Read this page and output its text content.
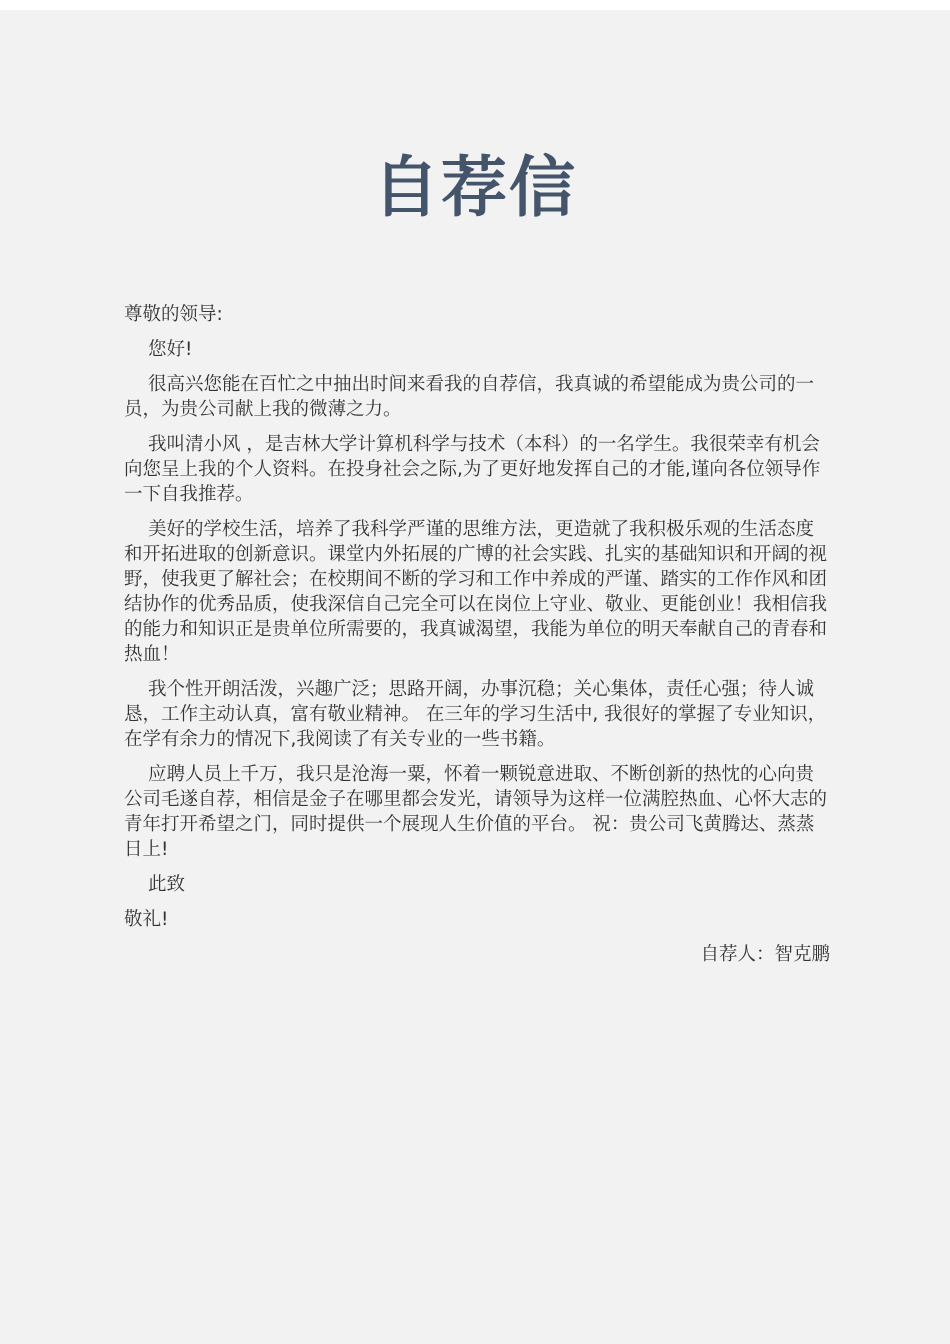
自荐信

尊敬的领导:

您好!

很高兴您能在百忙之中抽出时间来看我的自荐信，我真诚的希望能成为贵公司的一员，为贵公司献上我的微薄之力。

我叫清小风 ，是吉林大学计算机科学与技术（本科）的一名学生。我很荣幸有机会向您呈上我的个人资料。在投身社会之际,为了更好地发挥自己的才能,谨向各位领导作一下自我推荐。

美好的学校生活，培养了我科学严谨的思维方法，更造就了我积极乐观的生活态度和开拓进取的创新意识。课堂内外拓展的广博的社会实践、扎实的基础知识和开阔的视野，使我更了解社会；在校期间不断的学习和工作中养成的严谨、踏实的工作作风和团结协作的优秀品质，使我深信自己完全可以在岗位上守业、敬业、更能创业！我相信我的能力和知识正是贵单位所需要的，我真诚渴望，我能为单位的明天奉献自己的青春和热血！

我个性开朗活泼，兴趣广泛；思路开阔，办事沉稳；关心集体，责任心强；待人诚恳，工作主动认真，富有敬业精神。 在三年的学习生活中, 我很好的掌握了专业知识，在学有余力的情况下,我阅读了有关专业的一些书籍。

应聘人员上千万，我只是沧海一粟，怀着一颗锐意进取、不断创新的热忱的心向贵公司毛遂自荐，相信是金子在哪里都会发光，请领导为这样一位满腔热血、心怀大志的青年打开希望之门，同时提供一个展现人生价值的平台。 祝：贵公司飞黄腾达、蒸蒸日上!

此致

敬礼!

自荐人：智克鹏
